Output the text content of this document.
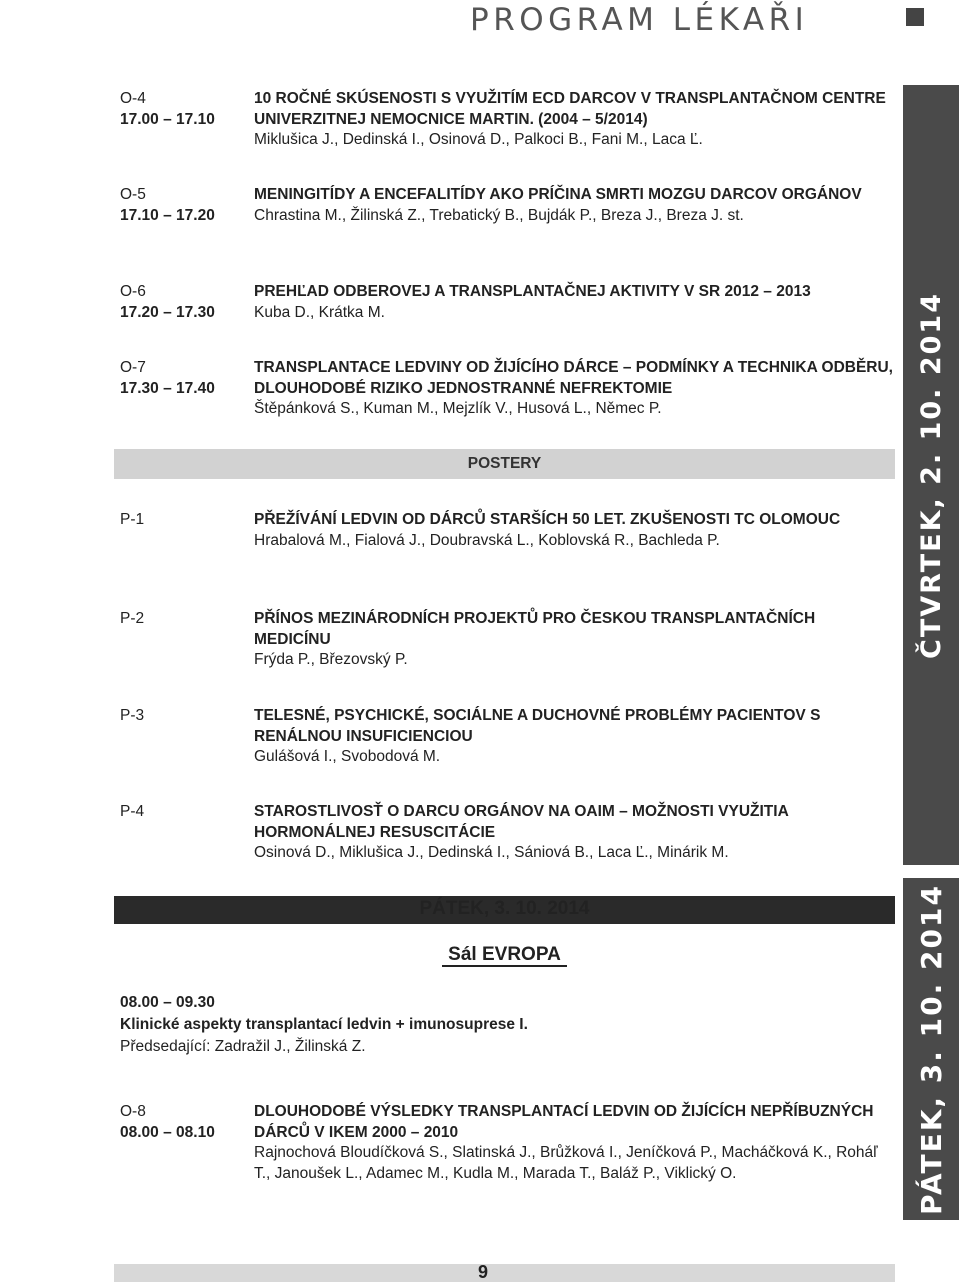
PROGRAM LÉKAŘI
ČTVRTEK, 2. 10. 2014
PÁTEK, 3. 10. 2014
O-4
17.00 – 17.10
10 ROČNÉ SKÚSENOSTI S VYUŽITÍM ECD DARCOV V TRANSPLANTAČNOM CENTRE UNIVERZITNEJ NEMOCNICE MARTIN. (2004 – 5/2014)
Miklušica J., Dedinská I., Osinová D., Palkoci B., Fani M., Laca Ľ.
O-5
17.10 – 17.20
MENINGITÍDY A ENCEFALITÍDY AKO PRÍČINA SMRTI MOZGU DARCOV ORGÁNOV
Chrastina M., Žilinská Z., Trebatický B., Bujdák P., Breza J., Breza J. st.
O-6
17.20 – 17.30
PREHĽAD ODBEROVEJ A TRANSPLANTAČNEJ AKTIVITY V SR 2012 – 2013
Kuba D., Krátka M.
O-7
17.30 – 17.40
TRANSPLANTACE LEDVINY OD ŽIJÍCÍHO DÁRCE – PODMÍNKY A TECHNIKA ODBĚRU, DLOUHODOBÉ RIZIKO JEDNOSTRANNÉ NEFREKTOMIE
Štěpánková S., Kuman M., Mejzlík V., Husová L., Němec P.
POSTERY
P-1	PŘEŽÍVÁNÍ LEDVIN OD DÁRCŮ STARŠÍCH 50 LET. ZKUŠENOSTI TC OLOMOUC
Hrabalová M., Fialová J., Doubravská L., Koblovská R., Bachleda P.
P-2	PŘÍNOS MEZINÁRODNÍCH PROJEKTŮ PRO ČESKOU TRANSPLANTAČNÍCH MEDICÍNU
Frýda P., Březovský P.
P-3	TELESNÉ, PSYCHICKÉ, SOCIÁLNE A DUCHOVNÉ PROBLÉMY PACIENTOV S RENÁLNOU INSUFICIENCIOU
Gulášová I., Svobodová M.
P-4	STAROSTLIVOSŤ O DARCU ORGÁNOV NA OAIM – MOŽNOSTI VYUŽITIA HORMONÁLNEJ RESUSCITÁCIE
Osinová D., Miklušica J., Dedinská I., Sániová B., Laca Ľ., Minárik M.
PÁTEK, 3. 10. 2014
Sál EVROPA
08.00 – 09.30
Klinické aspekty transplantací ledvin + imunosuprese I.
Předsedající: Zadražil J., Žilinská Z.
O-8
08.00 – 08.10
DLOUHODOBÉ VÝSLEDKY TRANSPLANTACÍ LEDVIN OD ŽIJÍCÍCH NEPŘÍBUZNÝCH DÁRCŮ V IKEM 2000 – 2010
Rajnochová Bloudíčková S., Slatinská J., Brůžková I., Jeníčková P., Macháčková K., Roháľ T., Janoušek L., Adamec M., Kudla M., Marada T., Baláž P., Viklický O.
9
